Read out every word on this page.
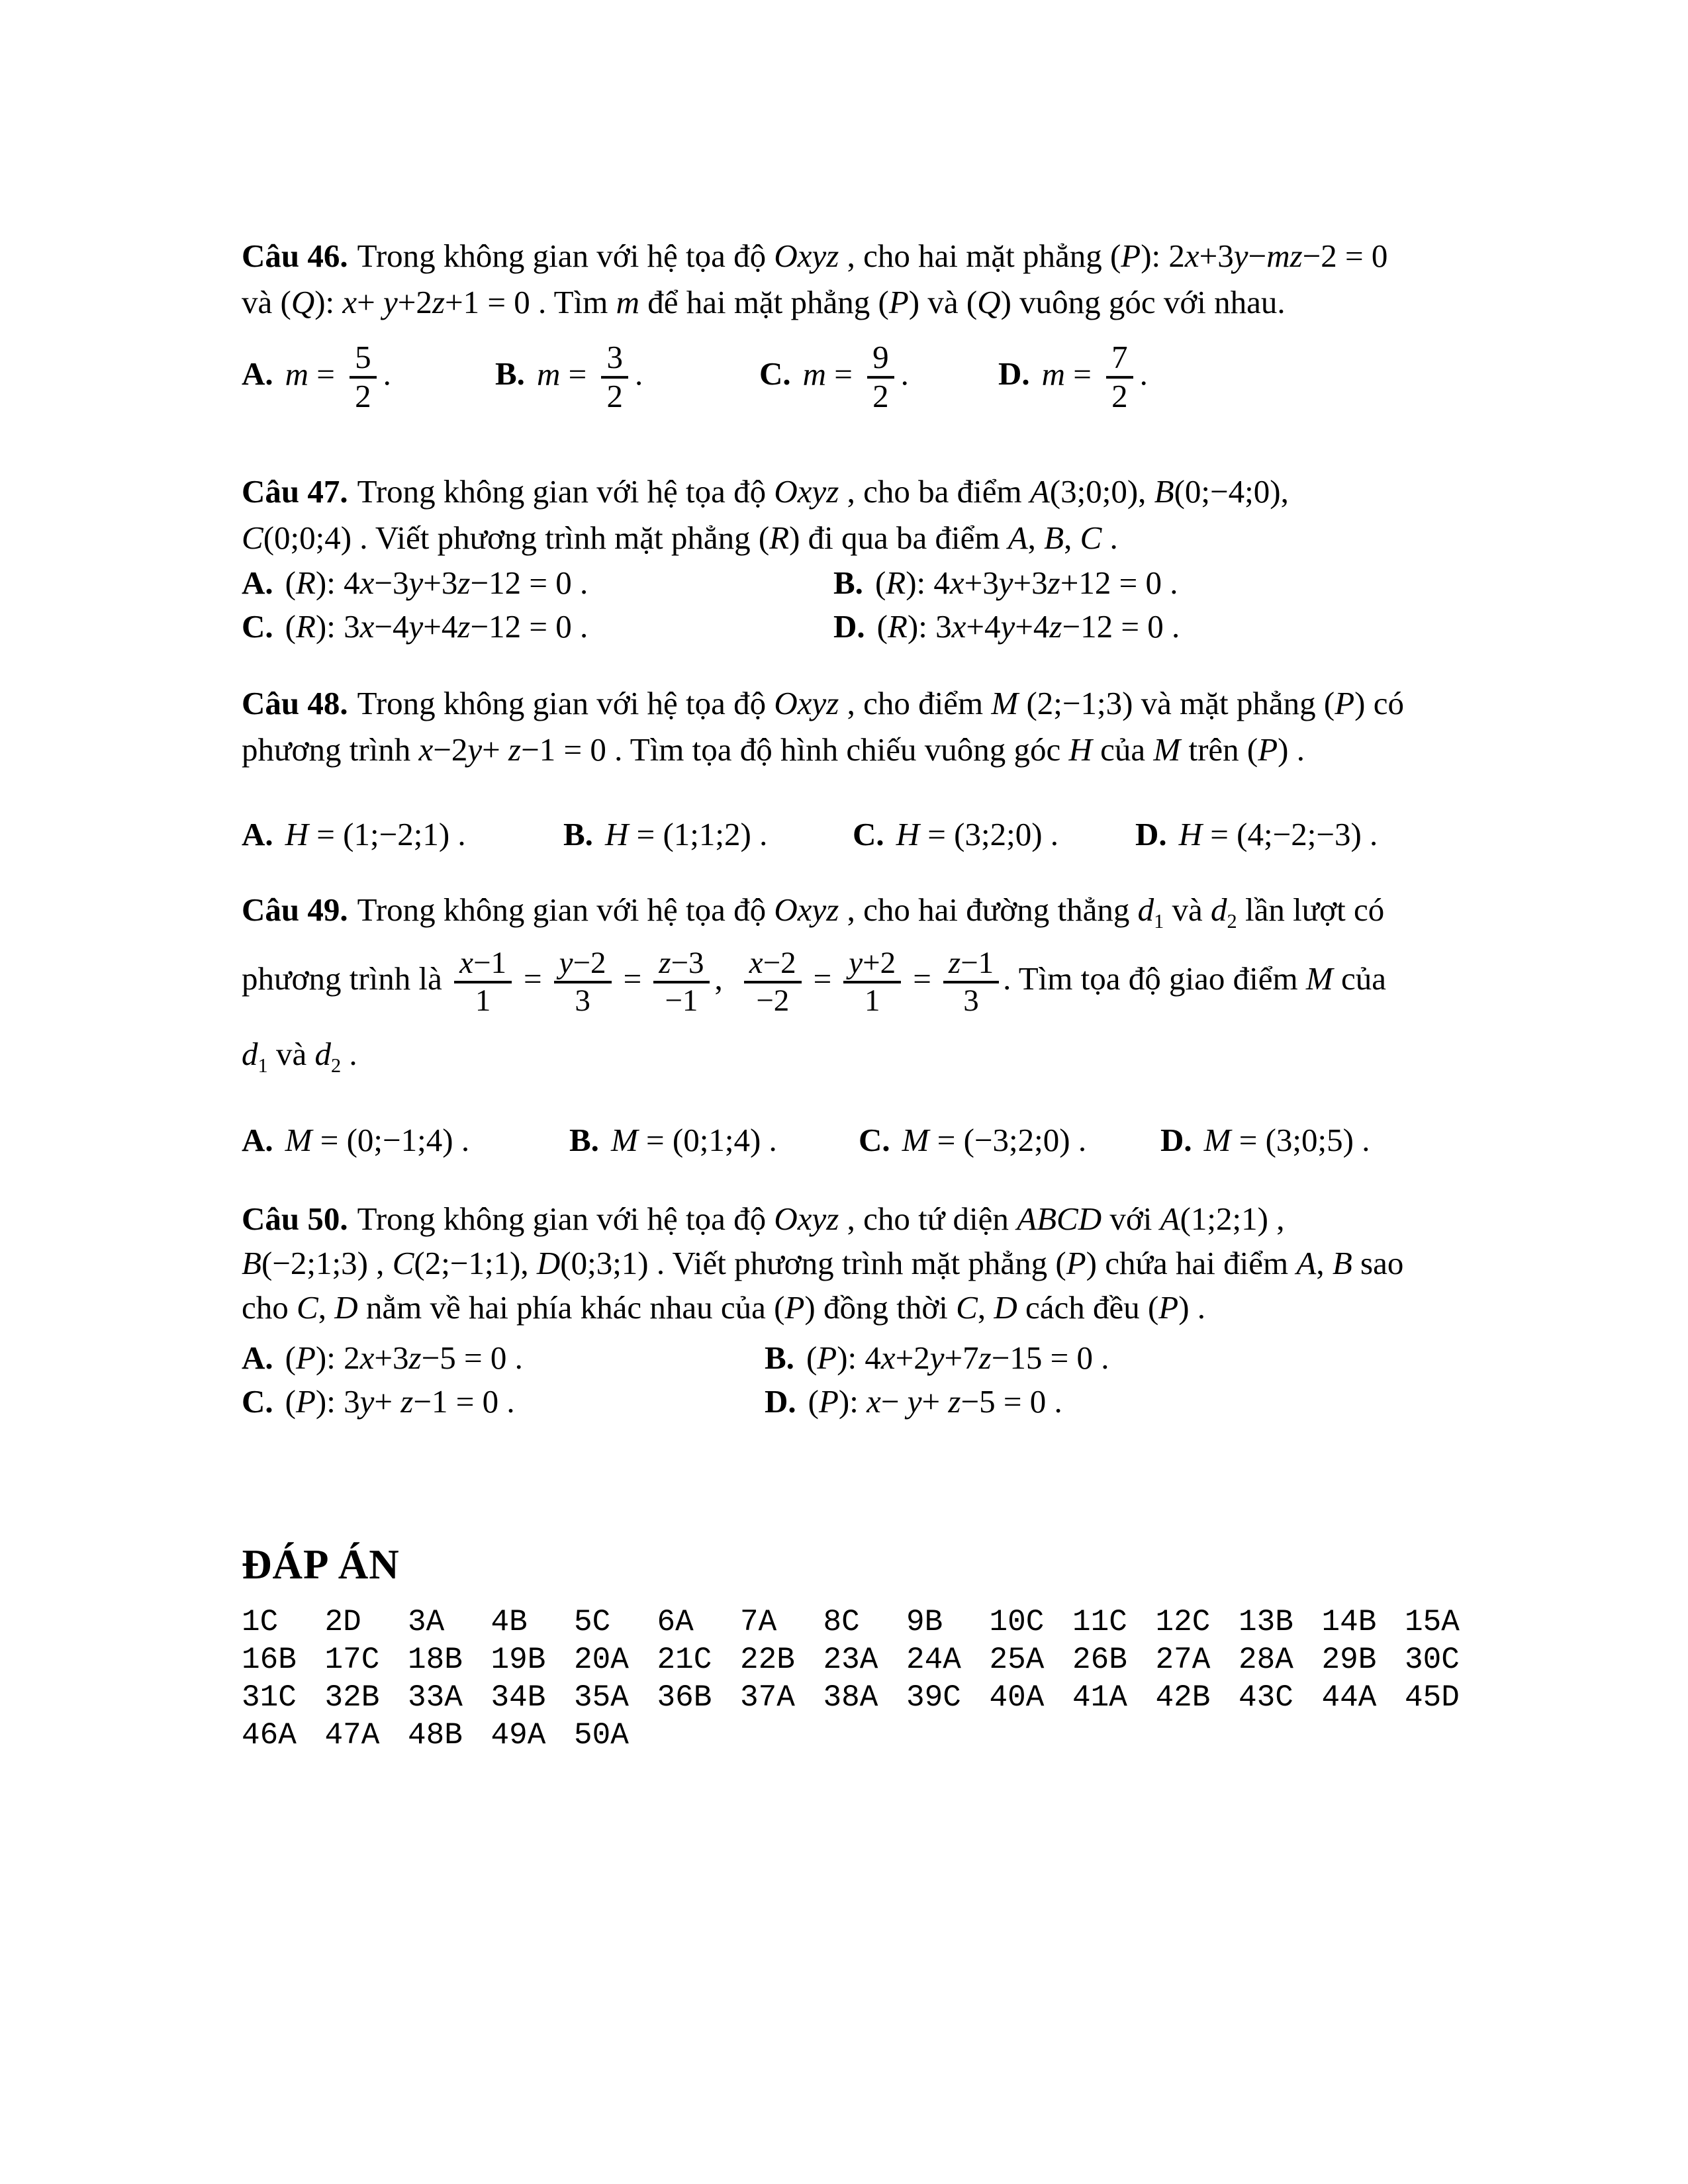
Câu 46. Trong không gian với hệ tọa độ Oxyz , cho hai mặt phẳng (P): 2x+3y−mz−2 = 0
và (Q): x+ y+2z+1 = 0 . Tìm m để hai mặt phẳng (P) và (Q) vuông góc với nhau.
A. $m = \frac{5}{2}$ .	B. $m = \frac{3}{2}$ .	C. $m = \frac{9}{2}$ .	D. $m = \frac{7}{2}$ .
Câu 47. Trong không gian với hệ tọa độ Oxyz , cho ba điểm A(3;0;0), B(0;−4;0),
C(0;0;4) . Viết phương trình mặt phẳng (R) đi qua ba điểm A, B, C .
A. (R): 4x−3y+3z−12 = 0 .	B. (R): 4x+3y+3z+12 = 0 .
C. (R): 3x−4y+4z−12 = 0 .	D. (R): 3x+4y+4z−12 = 0 .
Câu 48. Trong không gian với hệ tọa độ Oxyz , cho điểm M (2;−1;3) và mặt phẳng (P) có
phương trình x−2y+ z−1 = 0 . Tìm tọa độ hình chiếu vuông góc H của M trên (P) .
A. H = (1;−2;1) .	B. H = (1;1;2) .	C. H = (3;2;0) . D. H = (4;−2;−3) .
Câu 49. Trong không gian với hệ tọa độ Oxyz , cho hai đường thẳng $d_1$ và $d_2$ lần lượt có
phương trình là $\frac{x-1}{1} = \frac{y-2}{3} = \frac{z-3}{-1}$ , $\frac{x-2}{-2} = \frac{y+2}{1} = \frac{z-1}{3}$ . Tìm tọa độ giao điểm M của
$d_1$ và $d_2$ .
A. M = (0;−1;4) .	B. M = (0;1;4) .	C. M = (−3;2;0) . D. M = (3;0;5) .
Câu 50. Trong không gian với hệ tọa độ Oxyz , cho tứ diện ABCD với A(1;2;1) ,
B(−2;1;3) , C(2;−1;1), D(0;3;1) . Viết phương trình mặt phẳng (P) chứa hai điểm A, B sao
cho C, D nằm về hai phía khác nhau của (P) đồng thời C, D cách đều (P) .
A. (P): 2x+3z−5 = 0 .	B. (P): 4x+2y+7z−15 = 0 .
C. (P): 3y+ z−1 = 0 .	D. (P): x− y+ z−5 = 0 .
ĐÁP ÁN
1C	2D	3A	4B	5C	6A	7A	8C	9B	10C 11C 12C 13B 14B 15A
16B 17C 18B 19B 20A 21C 22B 23A 24A 25A 26B 27A 28A 29B 30C
31C 32B 33A 34B 35A 36B 37A 38A 39C 40A 41A 42B 43C 44A 45D
46A 47A 48B 49A 50A
